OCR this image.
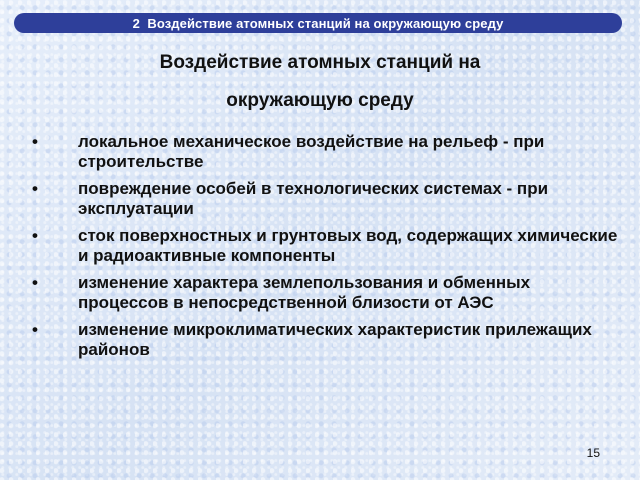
2
Воздействие атомных станций на окружающую среду
Воздействие атомных станций на
окружающую среду
• локальное механическое воздействие на рельеф - при строительстве
• повреждение особей в технологических системах - при эксплуатации
• сток поверхностных и грунтовых вод, содержащих химические и радиоактивные компоненты
• изменение характера землепользования и обменных процессов в непосредственной близости от АЭС
• изменение микроклиматических характеристик прилежащих районов
15
